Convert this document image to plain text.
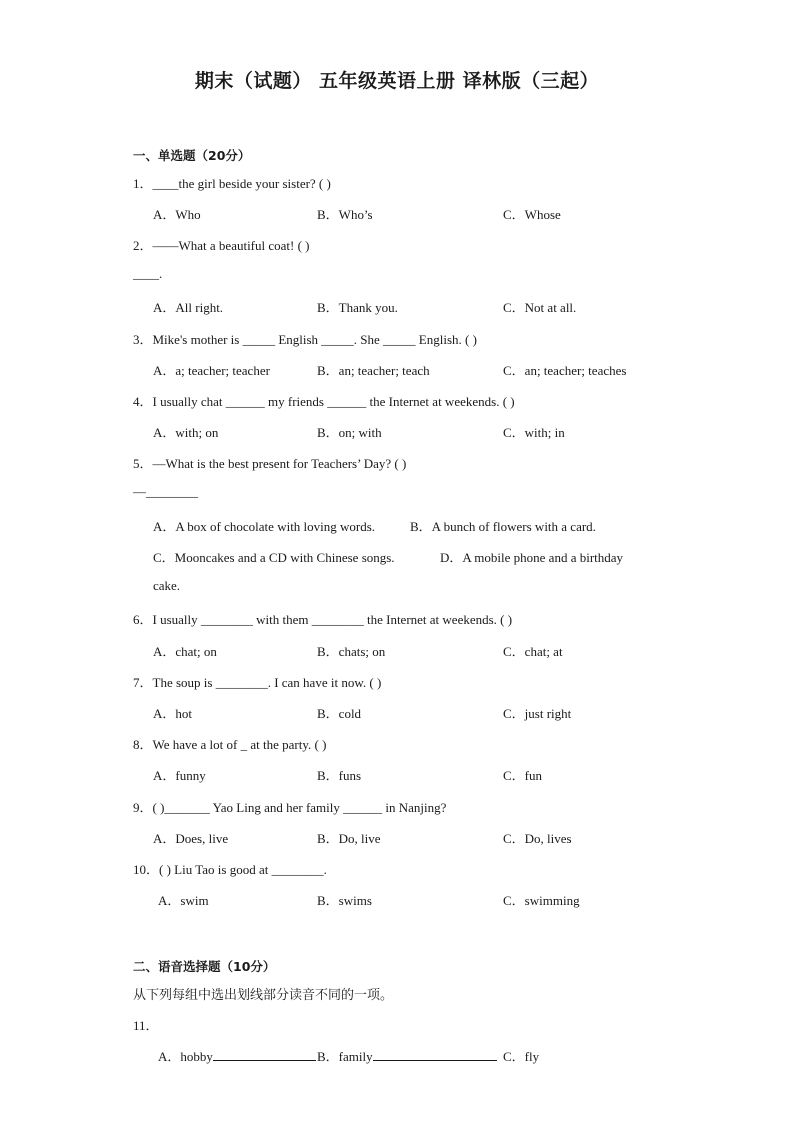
期末（试题） 五年级英语上册 译林版（三起）
一、单选题（20分）
1．____the girl beside your sister? ( )
A．Who	B．Who’s	C．Whose
2．——What a beautiful coat! ( )
____.
A．All right.	B．Thank you.	C．Not at all.
3．Mike's mother is _____ English _____. She _____ English. ( )
A．a; teacher; teacher	B．an; teacher; teach	C．an; teacher; teaches
4．I usually chat ______ my friends ______ the Internet at weekends. ( )
A．with; on	B．on; with	C．with; in
5．—What is the best present for Teachers’ Day? ( )
—________
A．A box of chocolate with loving words.	B．A bunch of flowers with a card.
C．Mooncakes and a CD with Chinese songs.	D．A mobile phone and a birthday
cake.
6．I usually ________ with them ________ the Internet at weekends. ( )
A．chat; on	B．chats; on	C．chat; at
7．The soup is ________. I can have it now. ( )
A．hot	B．cold	C．just right
8．We have a lot of _ at the party. ( )
A．funny	B．funs	C．fun
9．( )_______ Yao Ling and her family ______ in Nanjing?
A．Does, live	B．Do, live	C．Do, lives
10．( ) Liu Tao is good at ________.
A．swim	B．swims	C．swimming
二、语音选择题（10分）
从下列每组中选出划线部分读音不同的一项。
11．
A．hobby	B．family	C．fly
